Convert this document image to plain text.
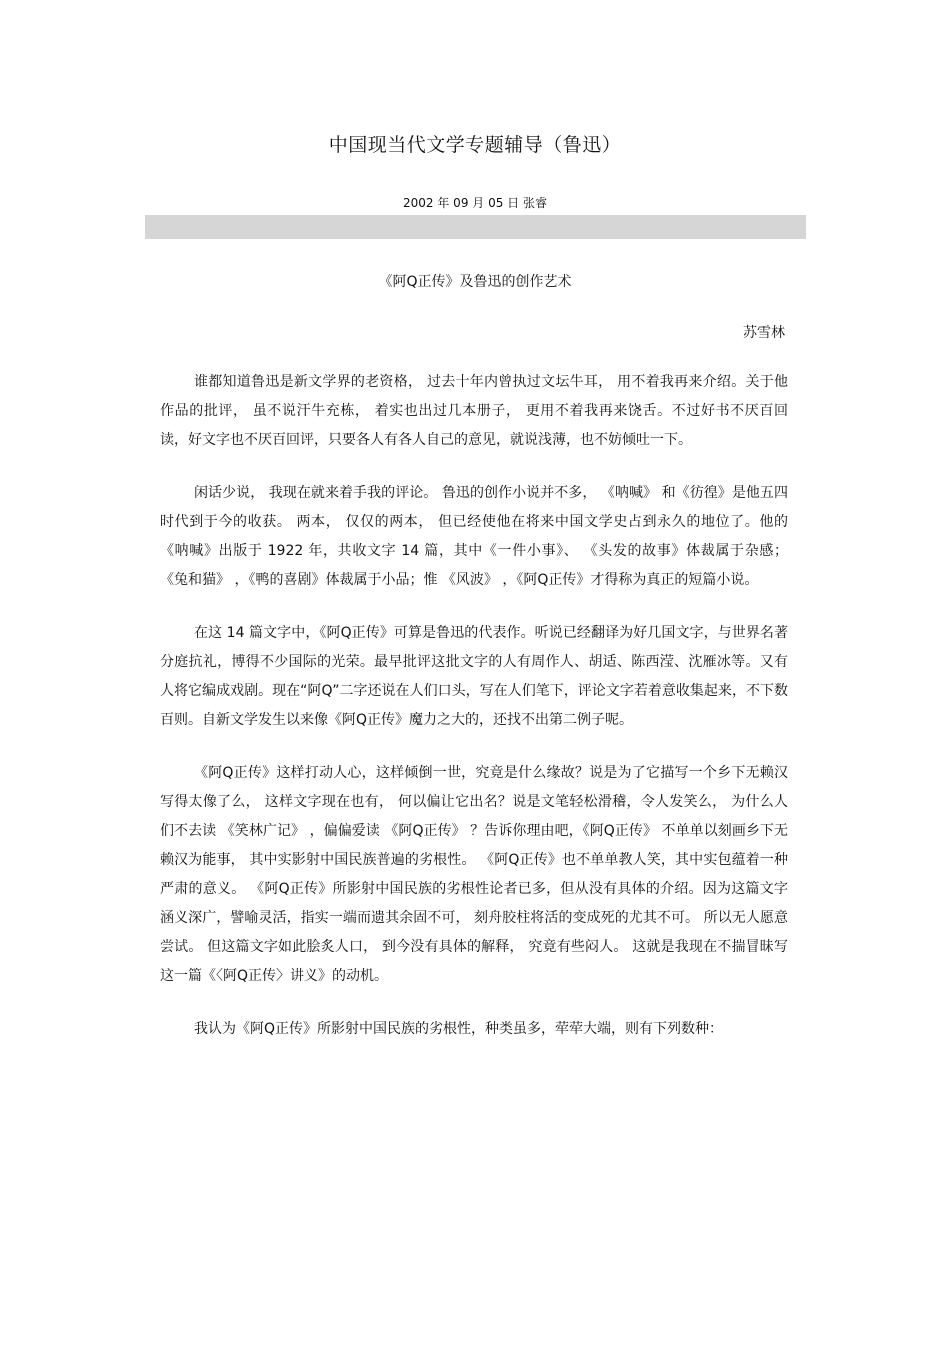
中国现当代文学专题辅导（鲁迅）
2002 年 09 月 05 日 张睿
《阿Q正传》及鲁迅的创作艺术
苏雪林

谁都知道鲁迅是新文学界的老资格， 过去十年内曾执过文坛牛耳， 用不着我再来介绍。关于他作品的批评， 虽不说汗牛充栋， 着实也出过几本册子， 更用不着我再来饶舌。不过好书不厌百回读，好文字也不厌百回评，只要各人有各人自己的意见，就说浅薄，也不妨倾吐一下。

闲话少说， 我现在就来着手我的评论。 鲁迅的创作小说并不多， 《呐喊》 和《彷徨》是他五四时代到于今的收获。 两本， 仅仅的两本， 但已经使他在将来中国文学史占到永久的地位了。他的《呐喊》出版于 1922 年，共收文字 14 篇，其中《一件小事》、 《头发的故事》体裁属于杂感； 《兔和猫》 ，《鸭的喜剧》体裁属于小品；惟 《风波》 ，《阿Q正传》才得称为真正的短篇小说。

在这 14 篇文字中，《阿Q正传》可算是鲁迅的代表作。听说已经翻译为好几国文字，与世界名著分庭抗礼，博得不少国际的光荣。最早批评这批文字的人有周作人、胡适、陈西滢、沈雁冰等。又有人将它编成戏剧。现在“阿Q”二字还说在人们口头，写在人们笔下，评论文字若着意收集起来，不下数百则。自新文学发生以来像《阿Q正传》魔力之大的，还找不出第二例子呢。

《阿Q正传》这样打动人心，这样倾倒一世，究竟是什么缘故？说是为了它描写一个乡下无赖汉写得太像了么， 这样文字现在也有， 何以偏让它出名？说是文笔轻松滑稽，令人发笑么， 为什么人们不去读 《笑林广记》 ，偏偏爱读 《阿Q正传》 ？告诉你理由吧，《阿Q正传》 不单单以刻画乡下无赖汉为能事， 其中实影射中国民族普遍的劣根性。 《阿Q正传》也不单单教人笑，其中实包蕴着一种严肃的意义。 《阿Q正传》所影射中国民族的劣根性论者已多，但从没有具体的介绍。因为这篇文字涵义深广，譬喻灵活，指实一端而遗其余固不可， 刻舟胶柱将活的变成死的尤其不可。 所以无人愿意尝试。 但这篇文字如此脍炙人口， 到今没有具体的解释， 究竟有些闷人。 这就是我现在不揣冒昧写这一篇《〈阿Q正传〉讲义》的动机。

我认为《阿Q正传》所影射中国民族的劣根性，种类虽多，荦荦大端，则有下列数种：
